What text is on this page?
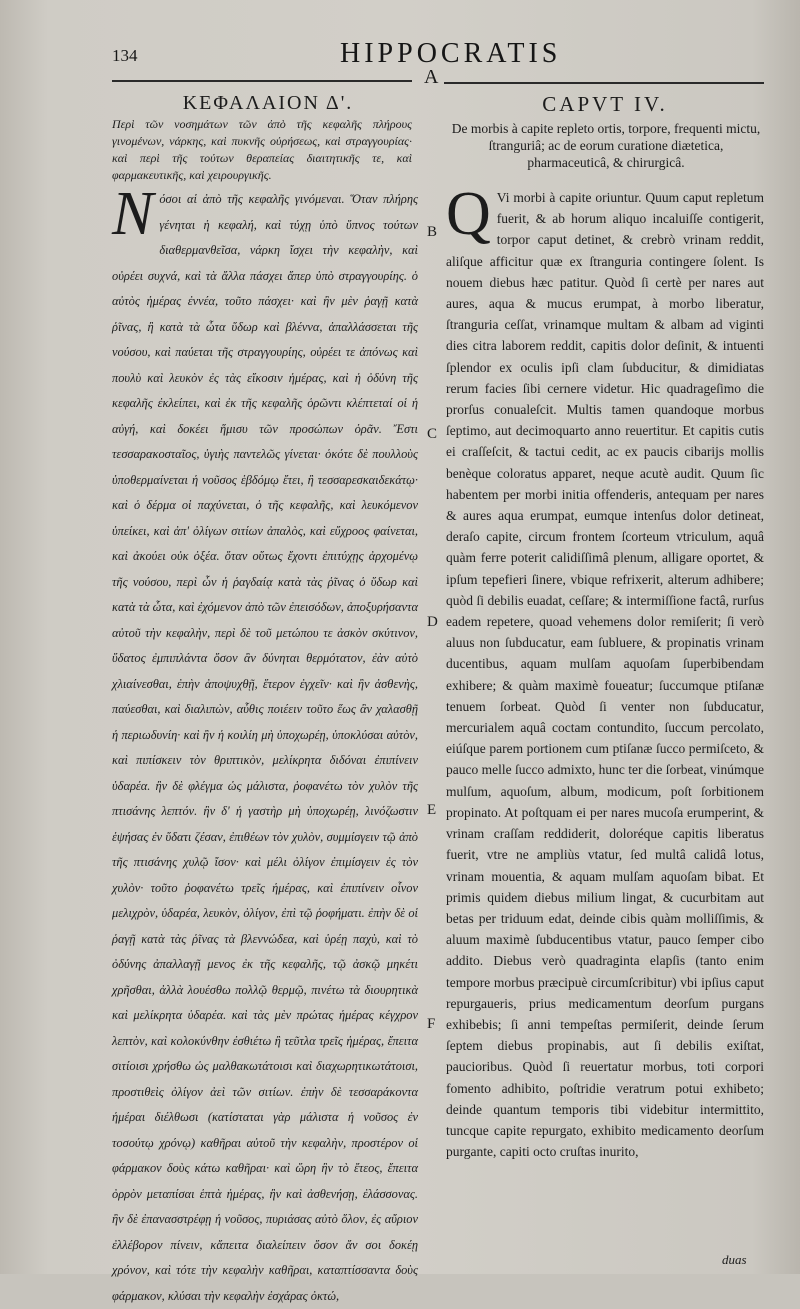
134	HIPPOCRATIS
A
ΚΕΦΑΛΑΙΟΝ Δ'.
Περὶ τῶν νοσημάτων τῶν ἀπὸ τῆς κεφαλῆς πλήρους γινομένων, νάρκης, καὶ πυκνῆς οὐρήσεως, καὶ στραγγουρίας· καὶ περὶ τῆς τούτων θεραπείας διαιτητικῆς τε, καὶ φαρμακευτικῆς, καὶ χειρουργικῆς.
N όσοι αἱ ἀπὸ τῆς κεφαλῆς γινόμεναι. Ὅταν πλήρης γένηται ἡ κεφαλή, καὶ τύχῃ ὑπὸ ὕπνος τούτων διαθερμανθεῖσα, νάρκη ἴσχει τὴν κεφαλὴν, καὶ οὐρέει συχνά, καὶ τὰ ἄλλα πάσχει ἅπερ ὑπὸ στραγγουρίης. ὁ αὐτὸς ἡμέρας ἐννέα, τοῦτο πάσχει· καὶ ἢν μὲν ῥαγῇ κατὰ ῥῖνας, ἢ κατὰ τὰ ὦτα ὕδωρ καὶ βλέννα, ἀπαλλάσσεται τῆς νούσου, καὶ παύεται τῆς στραγγουρίης, οὐρέει τε ἀπόνως καὶ πουλὺ καὶ λευκὸν ἐς τὰς εἴκοσιν ἡμέρας, καὶ ἡ ὀδύνη τῆς κεφαλῆς ἐκλείπει, καὶ ἐκ τῆς κεφαλῆς ὁρῶντι κλέπτεταί οἱ ἡ αὐγή, καὶ δοκέει ἥμισυ τῶν προσώπων ὁρᾶν. Ἔστι τεσσαρακοσταῖος, ὑγιὴς παντελῶς γίνεται· ὁκότε δὲ πουλλοὺς ὑποθερμαίνεται ἡ νοῦσος ἑβδόμῳ ἔτει, ἢ τεσσαρεσκαιδεκάτῳ· καὶ ὁ δέρμα οἱ παχύνεται, ὁ τῆς κεφαλῆς, καὶ λευκόμενον ὑπείκει, καὶ ἀπ' ὀλίγων σιτίων ἀπαλὸς, καὶ εὔχροος φαίνεται, καὶ ἀκούει οὐκ ὀξέα. ὅταν οὕτως ἔχοντι ἐπιτύχῃς ἀρχομένῳ τῆς νούσου, περὶ ὧν ἡ ῥαγδαίᾳ κατὰ τὰς ῥῖνας ὁ ὕδωρ καὶ κατὰ τὰ ὦτα, καὶ ἐχόμενον ἀπὸ τῶν ἐπεισόδων, ἀποξυρήσαντα αὐτοῦ τὴν κεφαλὴν, περὶ δὲ τοῦ μετώπου τε ἀσκὸν σκύτινον, ὕδατος ἐμπιπλάντα ὅσον ἂν δύνηται θερμότατον, ἐὰν αὐτὸ χλιαίνεσθαι, ἐπὴν ἀποψυχθῇ, ἕτερον ἐγχεῖν· καὶ ἢν ἀσθενὴς, παύεσθαι, καὶ διαλιπὼν, αὖθις ποιέειν τοῦτο ἕως ἂν χαλασθῇ ἡ περιωδυνίη· καὶ ἢν ἡ κοιλίη μὴ ὑποχωρέῃ, ὑποκλύσαι αὐτὸν, καὶ πιπίσκειν τὸν θριπτικὸν, μελίκρητα διδόναι ἐπιπίνειν ὑδαρέα. ἢν δὲ φλέγμα ὡς μάλιστα, ῥοφανέτω τὸν χυλὸν τῆς πτισάνης λεπτόν. ἢν δ' ἡ γαστὴρ μὴ ὑποχωρέῃ, λινόζωστιν ἑψήσας ἐν ὕδατι ζέσαν, ἐπιθέων τὸν χυλὸν, συμμίσγειν τῷ ἀπὸ τῆς πτισάνης χυλῷ ἴσον· καὶ μέλι ὀλίγον ἐπιμίσγειν ἐς τὸν χυλὸν· τοῦτο ῥοφανέτω τρεῖς ἡμέρας, καὶ ἐπιπίνειν οἶνον μελιχρὸν, ὑδαρέα, λευκὸν, ὀλίγον, ἐπὶ τῷ ῥοφήματι. ἐπὴν δὲ οἱ ῥαγῇ κατὰ τὰς ῥῖνας τὰ βλεννώδεα, καὶ ὑρέῃ παχὺ, καὶ τὸ ὀδύνης ἀπαλλαγῇ μενος ἐκ τῆς κεφαλῆς, τῷ ἀσκῷ μηκέτι χρῆσθαι, ἀλλὰ λουέσθω πολλῷ θερμῷ, πινέτω τὰ διουρητικὰ καὶ μελίκρητα ὑδαρέα. καὶ τὰς μὲν πρώτας ἡμέρας κέγχρον λεπτὸν, καὶ κολοκύνθην ἐσθιέτω ἢ τεῦτλα τρεῖς ἡμέρας, ἔπειτα σιτίοισι χρήσθω ὡς μαλθακωτάτοισι καὶ διαχωρητικωτάτοισι, προστιθεὶς ὀλίγον ἀεὶ τῶν σιτίων. ἐπὴν δὲ τεσσαράκοντα ἡμέραι διέλθωσι (κατίσταται γὰρ μάλιστα ἡ νοῦσος ἐν τοσούτῳ χρόνῳ) καθῆραι αὐτοῦ τὴν κεφαλὴν, προστέρον οἱ φάρμακον δοὺς κάτω καθῆραι· καὶ ὥρη ἢν τὸ ἔτεος, ἔπειτα ὀρρὸν μεταπίσαι ἑπτὰ ἡμέρας, ἢν καὶ ἀσθενήσῃ, ἐλάσσονας. ἢν δὲ ἐπανασστρέφῃ ἡ νοῦσος, πυριάσας αὐτὸ ὅλον, ἐς αὔριον ἐλλέβορον πίνειν, κἄπειτα διαλείπειν ὅσον ἄν σοι δοκέῃ χρόνον, καὶ τότε τὴν κεφαλὴν καθῆραι, καταπτίσσαντα δοὺς φάρμακον, κλύσαι τὴν κεφαλὴν ἐσχάρας ὀκτώ,
B
C
D
E
F
CAPVT IV.
De morbis à capite repleto ortis, torpore, frequenti mictu, ſtranguriâ; ac de eorum curatione diætetica, pharmaceuticâ, & chirurgicâ.
Q Vi morbi à capite oriuntur. Quum caput repletum fuerit, & ab horum aliquo incaluiſſe contigerit, torpor caput detinet, & crebrò vrinam reddit, aliſque afficitur quæ ex ſtranguria contingere ſolent. Is nouem diebus hæc patitur. Quòd ſi certè per nares aut aures, aqua & mucus erumpat, à morbo liberatur, ſtranguria ceſſat, vrinamque multam & albam ad viginti dies citra laborem reddit, capitis dolor deſinit, & intuenti ſplendor ex oculis ipſi clam ſubducitur, & dimidiatas rerum facies ſibi cernere videtur. Hic quadrageſimo die prorſus conualeſcit. Multis tamen quandoque morbus ſeptimo, aut decimoquarto anno reuertitur. Et capitis cutis ei craſſeſcit, & tactui cedit, ac ex paucis cibarijs mollis benèque coloratus apparet, neque acutè audit. Quum ſic habentem per morbi initia offenderis, antequam per nares & aures aqua erumpat, eumque intenſus dolor detineat, deraſo capite, circum frontem ſcorteum vtriculum, aquâ quàm ferre poterit calidiſſimâ plenum, alligare oportet, & ipſum tepefieri ſinere, vbique refrixerit, alterum adhibere; quòd ſi debilis euadat, ceſſare; & intermiſſione factâ, rurſus eadem repetere, quoad vehemens dolor remiſerit; ſi verò aluus non ſubducatur, eam ſubluere, & propinatis vrinam ducentibus, aquam mulſam aquoſam ſuperbibendam exhibere; & quàm maximè foueatur; ſuccumque ptiſanæ tenuem ſorbeat. Quòd ſi venter non ſubducatur, mercurialem aquâ coctam contundito, ſuccum percolato, eiúſque parem portionem cum ptiſanæ ſucco permiſceto, & pauco melle ſucco admixto, hunc ter die ſorbeat, vinúmque mulſum, aquoſum, album, modicum, poſt ſorbitionem propinato. At poſtquam ei per nares mucoſa erumperint, & vrinam craſſam reddiderit, doloréque capitis liberatus fuerit, vtre ne ampliùs vtatur, ſed multâ calidâ lotus, vrinam mouentia, & aquam mulſam aquoſam bibat. Et primis quidem diebus milium lingat, & cucurbitam aut betas per triduum edat, deinde cibis quàm molliſſimis, & aluum maximè ſubducentibus vtatur, pauco ſemper cibo addito. Diebus verò quadraginta elapſis (tanto enim tempore morbus præcipuè circumſcribitur) vbi ipſius caput repurgaueris, prius medicamentum deorſum purgans exhibebis; ſi anni tempeſtas permiſerit, deinde ſerum ſeptem diebus propinabis, aut ſi debilis exiſtat, paucioribus. Quòd ſi reuertatur morbus, toti corpori fomento adhibito, poſtridie veratrum potui exhibeto; deinde quantum temporis tibi videbitur intermittito, tuncque capite repurgato, exhibito medicamento deorſum purgante, capiti octo cruſtas inurito,
duas
